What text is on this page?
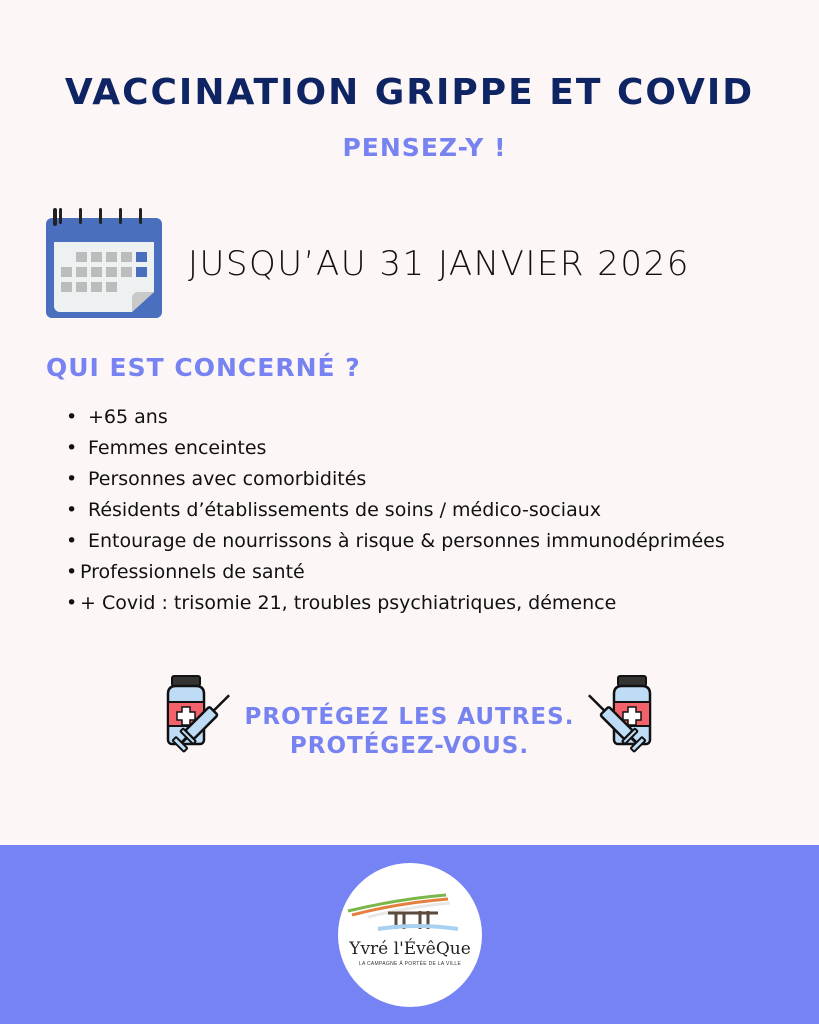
VACCINATION GRIPPE ET COVID
PENSEZ-Y !
JUSQU’AU 31 JANVIER 2026
QUI EST CONCERNÉ ?
• +65 ans
• Femmes enceintes
• Personnes avec comorbidités
• Résidents d’établissements de soins / médico-sociaux
• Entourage de nourrissons à risque & personnes immunodéprimées
• Professionnels de santé
• + Covid : trisomie 21, troubles psychiatriques, démence
PROTÉGEZ LES AUTRES.
PROTÉGEZ-VOUS.
Yvré l'ÉvêQue
LA CAMPAGNE À PORTÉE DE LA VILLE
